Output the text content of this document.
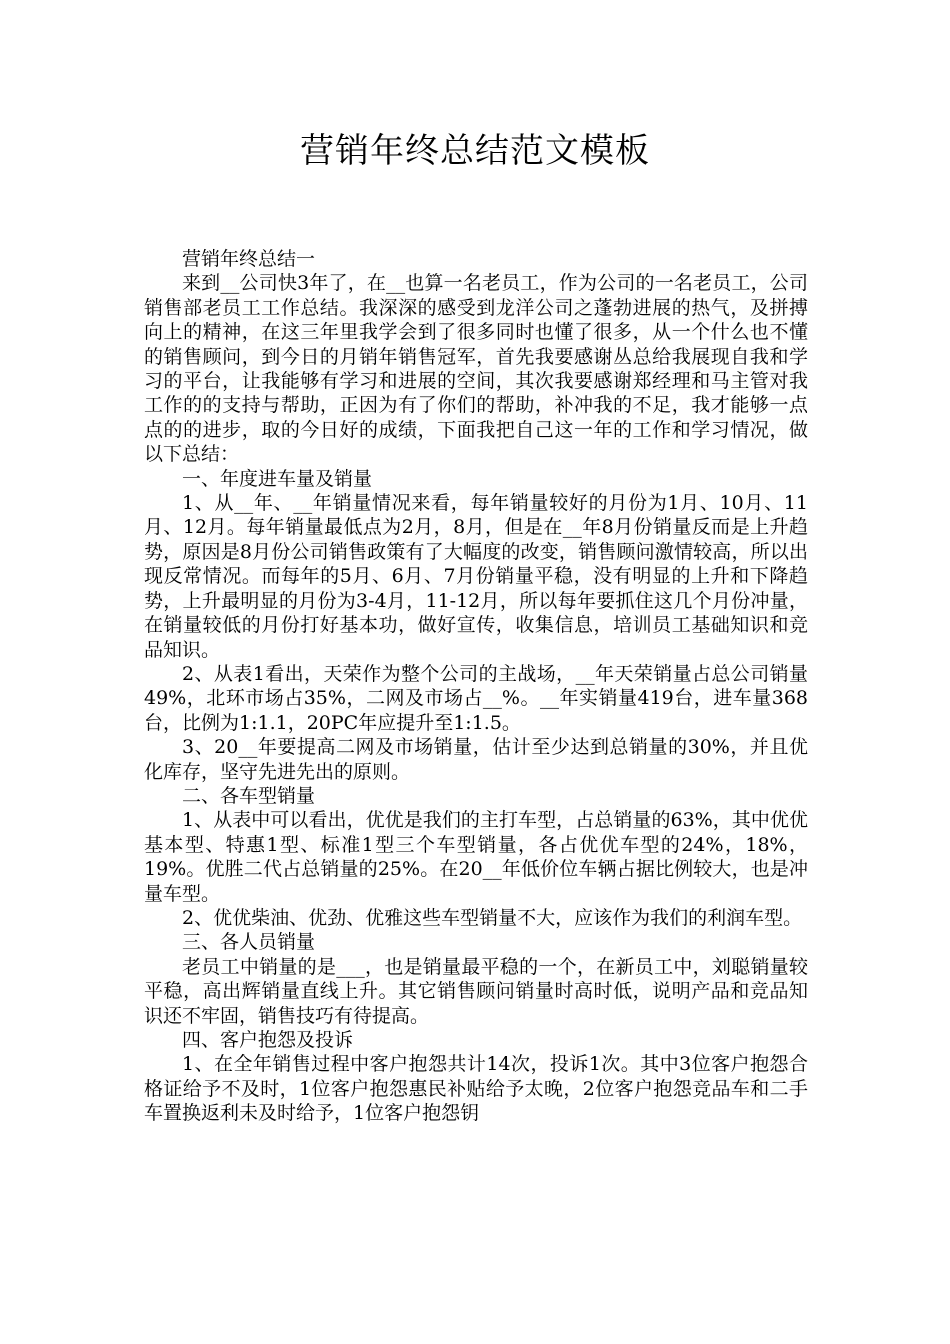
营销年终总结范文模板

营销年终总结一

来到__公司快3年了，在__也算一名老员工，作为公司的一名老员工，公司销售部老员工工作总结。我深深的感受到龙洋公司之蓬勃进展的热气，及拼搏向上的精神，在这三年里我学会到了很多同时也懂了很多，从一个什么也不懂的销售顾问，到今日的月销年销售冠军，首先我要感谢丛总给我展现自我和学习的平台，让我能够有学习和进展的空间，其次我要感谢郑经理和马主管对我工作的的支持与帮助，正因为有了你们的帮助，补冲我的不足，我才能够一点点的的进步，取的今日好的成绩，下面我把自己这一年的工作和学习情况，做以下总结：

一、年度进车量及销量

1、从__年、__年销量情况来看，每年销量较好的月份为1月、10月、11月、12月。每年销量最低点为2月，8月，但是在__年8月份销量反而是上升趋势，原因是8月份公司销售政策有了大幅度的改变，销售顾问激情较高，所以出现反常情况。而每年的5月、6月、7月份销量平稳，没有明显的上升和下降趋势，上升最明显的月份为3-4月，11-12月，所以每年要抓住这几个月份冲量，在销量较低的月份打好基本功，做好宣传，收集信息，培训员工基础知识和竞品知识。

2、从表1看出，天荣作为整个公司的主战场，__年天荣销量占总公司销量49%，北环市场占35%，二网及市场占__%。__年实销量419台，进车量368台，比例为1:1.1，20PC年应提升至1:1.5。

3、20__年要提高二网及市场销量，估计至少达到总销量的30%，并且优化库存，坚守先进先出的原则。

二、各车型销量

1、从表中可以看出，优优是我们的主打车型，占总销量的63%，其中优优基本型、特惠1型、标准1型三个车型销量，各占优优车型的24%，18%，19%。优胜二代占总销量的25%。在20__年低价位车辆占据比例较大，也是冲量车型。

2、优优柴油、优劲、优雅这些车型销量不大，应该作为我们的利润车型。

三、各人员销量

老员工中销量的是___，也是销量最平稳的一个，在新员工中，刘聪销量较平稳，高出辉销量直线上升。其它销售顾问销量时高时低，说明产品和竞品知识还不牢固，销售技巧有待提高。

四、客户抱怨及投诉

1、在全年销售过程中客户抱怨共计14次，投诉1次。其中3位客户抱怨合格证给予不及时，1位客户抱怨惠民补贴给予太晚，2位客户抱怨竞品车和二手车置换返利未及时给予，1位客户抱怨钥
